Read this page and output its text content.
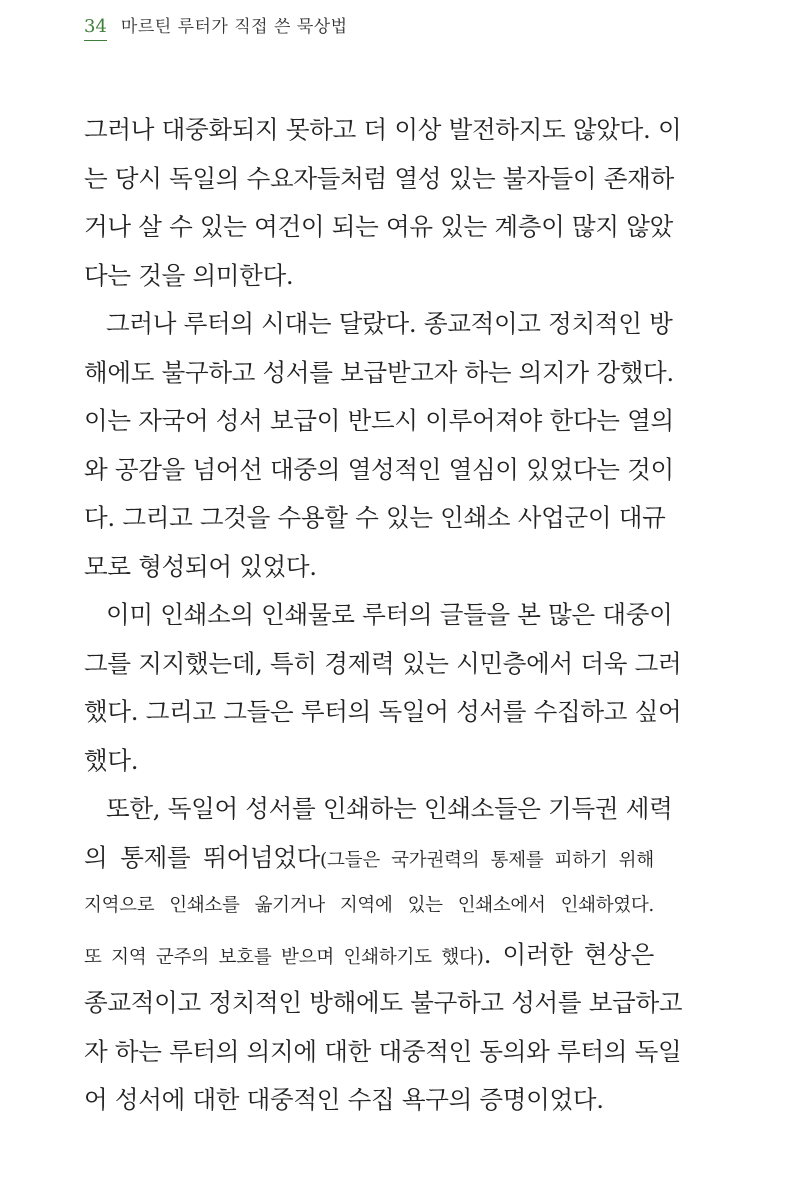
34 마르틴 루터가 직접 쓴 묵상법
그러나 대중화되지 못하고 더 이상 발전하지도 않았다. 이
는 당시 독일의 수요자들처럼 열성 있는 불자들이 존재하
거나 살 수 있는 여건이 되는 여유 있는 계층이 많지 않았
다는 것을 의미한다.
그러나 루터의 시대는 달랐다. 종교적이고 정치적인 방
해에도 불구하고 성서를 보급받고자 하는 의지가 강했다.
이는 자국어 성서 보급이 반드시 이루어져야 한다는 열의
와 공감을 넘어선 대중의 열성적인 열심이 있었다는 것이
다. 그리고 그것을 수용할 수 있는 인쇄소 사업군이 대규
모로 형성되어 있었다.
이미 인쇄소의 인쇄물로 루터의 글들을 본 많은 대중이
그를 지지했는데, 특히 경제력 있는 시민층에서 더욱 그러
했다. 그리고 그들은 루터의 독일어 성서를 수집하고 싶어
했다.
또한, 독일어 성서를 인쇄하는 인쇄소들은 기득권 세력
의 통제를 뛰어넘었다(그들은 국가권력의 통제를 피하기 위해
지역으로 인쇄소를 옮기거나 지역에 있는 인쇄소에서 인쇄하였다.
또 지역 군주의 보호를 받으며 인쇄하기도 했다). 이러한 현상은
종교적이고 정치적인 방해에도 불구하고 성서를 보급하고
자 하는 루터의 의지에 대한 대중적인 동의와 루터의 독일
어 성서에 대한 대중적인 수집 욕구의 증명이었다.
